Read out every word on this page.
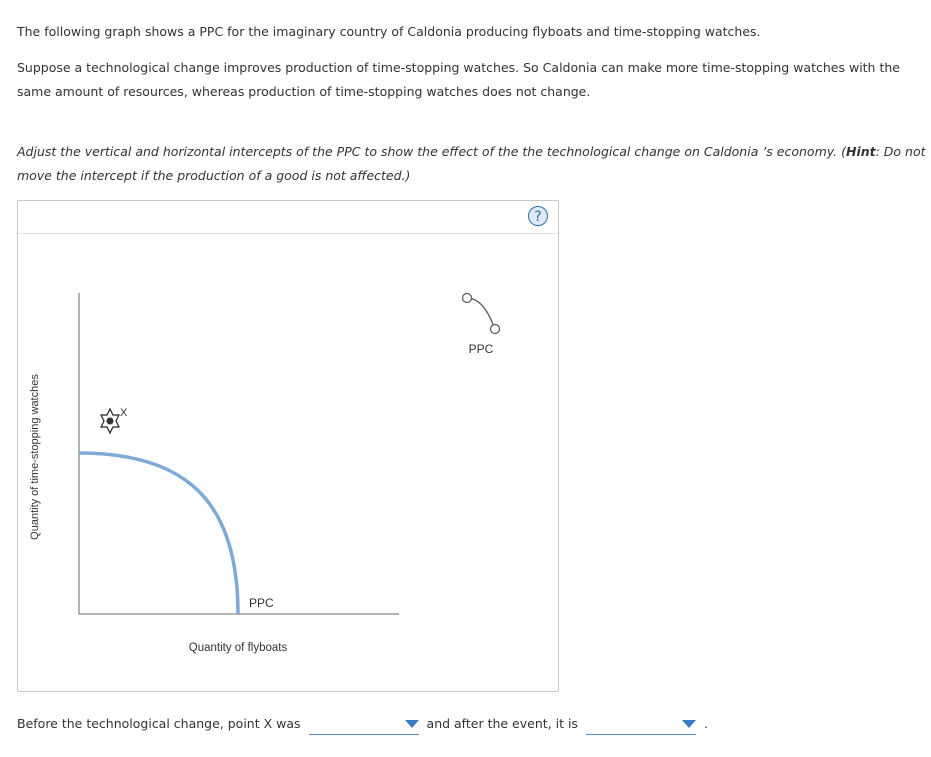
The following graph shows a PPC for the imaginary country of Caldonia producing flyboats and time-stopping watches.

Suppose a technological change improves production of time-stopping watches. So Caldonia can make more time-stopping watches with the same amount of resources, whereas production of time-stopping watches does not change.

Adjust the vertical and horizontal intercepts of the PPC to show the effect of the the technological change on Caldonia ’s economy. (Hint: Do not move the intercept if the production of a good is not affected.)

?
Quantity of time-stopping watches
Quantity of flyboats
PPC
X
PPC
Before the technological change, point X was	and after the event, it is	.
